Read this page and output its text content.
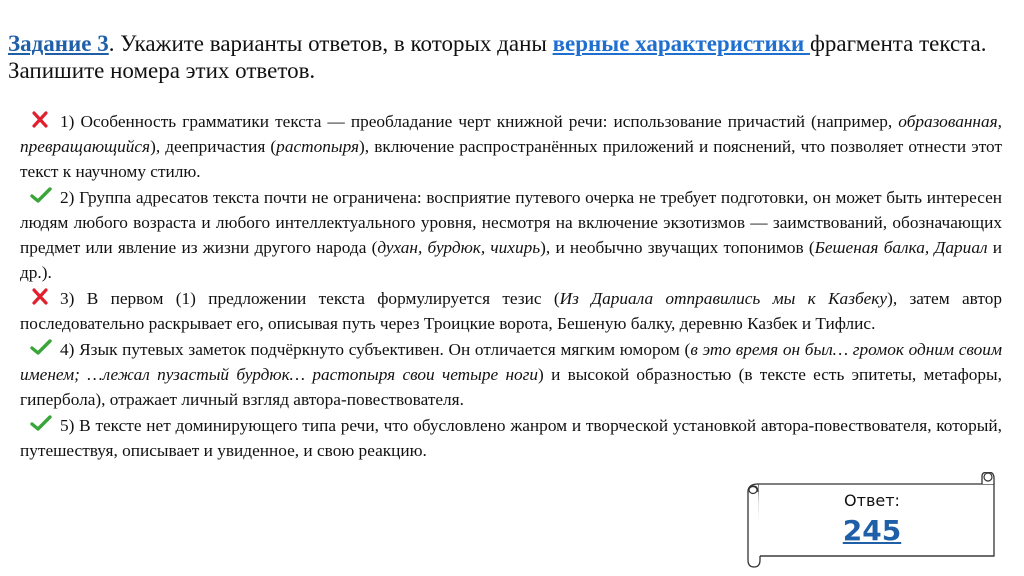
Задание 3. Укажите варианты ответов, в которых даны верные характеристики фрагмента текста. Запишите номера этих ответов.

1) Особенность грамматики текста — преобладание черт книжной речи: использование причастий (например, образованная, превращающийся), деепричастия (растопыря), включение распространённых приложений и пояснений, что позволяет отнести этот текст к научному стилю.

2) Группа адресатов текста почти не ограничена: восприятие путевого очерка не требует подготовки, он может быть интересен людям любого возраста и любого интеллектуального уровня, несмотря на включение экзотизмов — заимствований, обозначающих предмет или явление из жизни другого народа (духан, бурдюк, чихирь), и необычно звучащих топонимов (Бешеная балка, Дариал и др.).

3) В первом (1) предложении текста формулируется тезис (Из Дариала отправились мы к Казбеку), затем автор последовательно раскрывает его, описывая путь через Троицкие ворота, Бешеную балку, деревню Казбек и Тифлис.

4) Язык путевых заметок подчёркнуто субъективен. Он отличается мягким юмором (в это время он был… громок одним своим именем; …лежал пузастый бурдюк… растопыря свои четыре ноги) и высокой образностью (в тексте есть эпитеты, метафоры, гипербола), отражает личный взгляд автора-повествователя.

5) В тексте нет доминирующего типа речи, что обусловлено жанром и творческой установкой автора-повествователя, который, путешествуя, описывает и увиденное, и свою реакцию.

Ответ:
245
